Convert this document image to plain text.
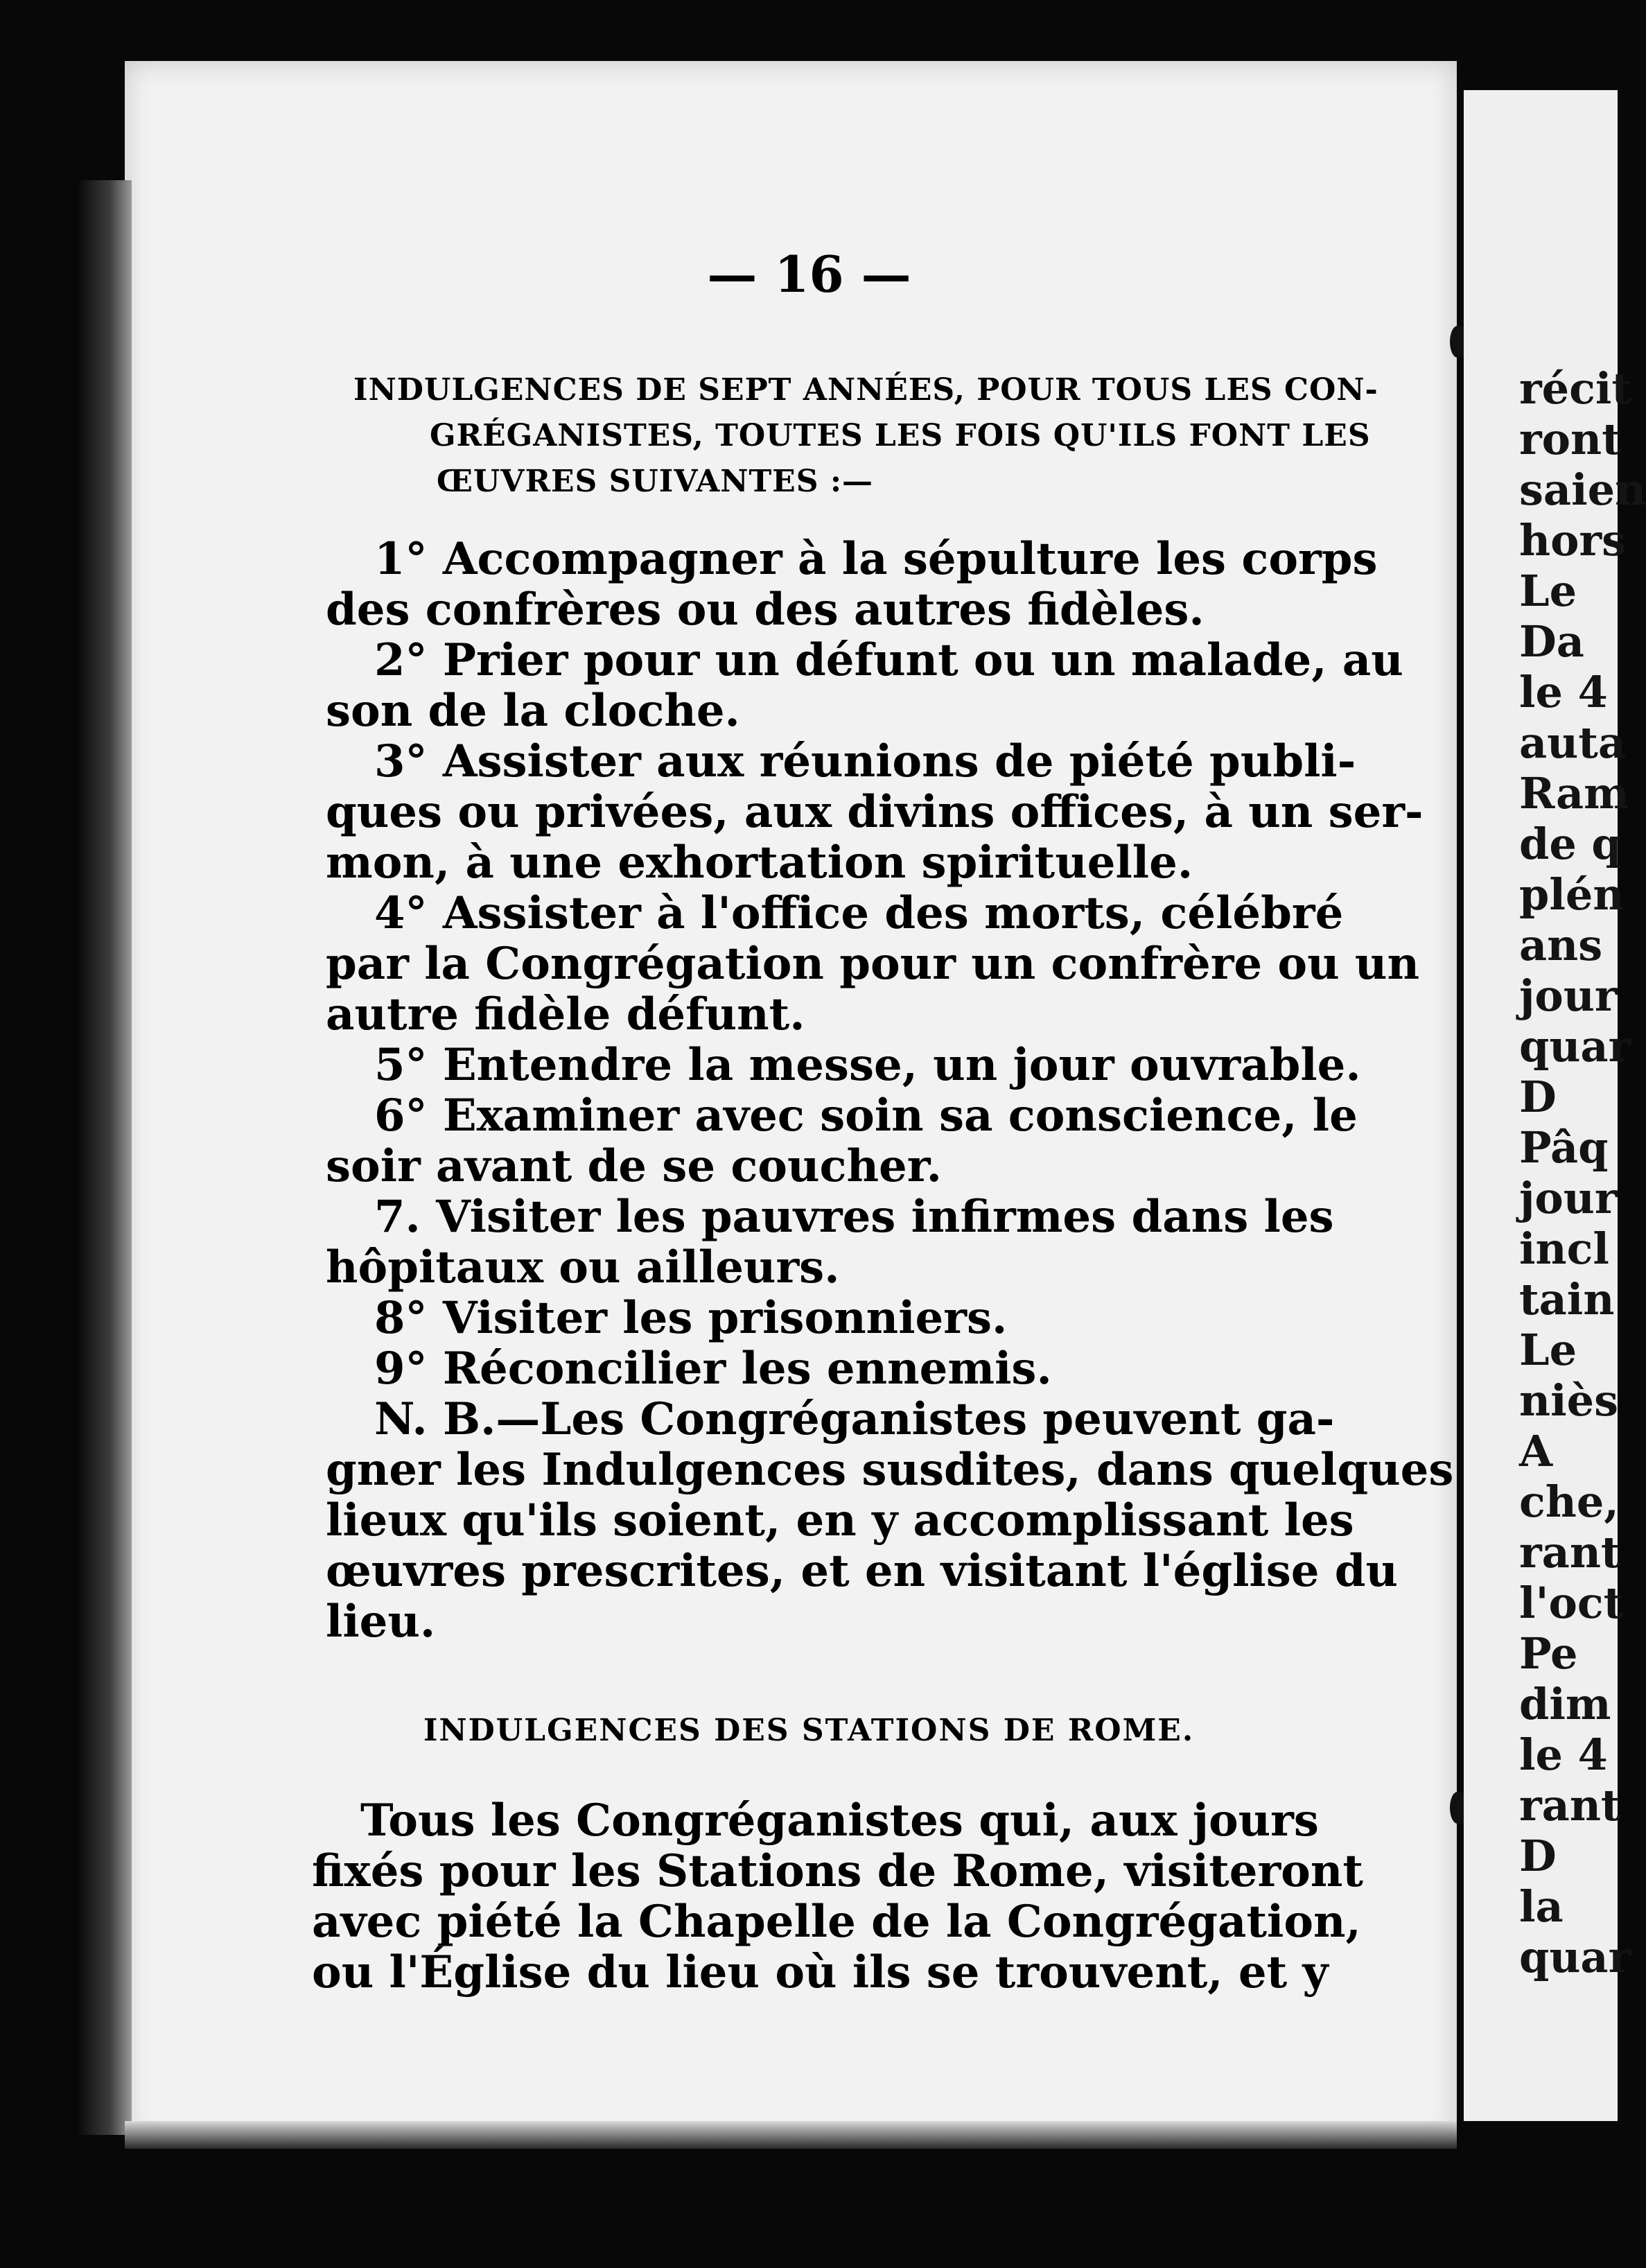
récit
ront
saien
hors
Le
Da
le 4
auta
Ram
de q
plén
ans
jour
quar
D
Pâq
jour
incl
tain
Le
niès
A
che,
rant
l'oct
Pe
dim
le 4
rant
D
la
quar
— 16 —
INDULGENCES DE SEPT ANNÉES, POUR TOUS LES CON-
GRÉGANISTES, TOUTES LES FOIS QU'ILS FONT LES
ŒUVRES SUIVANTES :—
1° Accompagner à la sépulture les corps
des confrères ou des autres fidèles.
2° Prier pour un défunt ou un malade, au
son de la cloche.
3° Assister aux réunions de piété publi-
ques ou privées, aux divins offices, à un ser-
mon, à une exhortation spirituelle.
4° Assister à l'office des morts, célébré
par la Congrégation pour un confrère ou un
autre fidèle défunt.
5° Entendre la messe, un jour ouvrable.
6° Examiner avec soin sa conscience, le
soir avant de se coucher.
7. Visiter les pauvres infirmes dans les
hôpitaux ou ailleurs.
8° Visiter les prisonniers.
9° Réconcilier les ennemis.
N. B.—Les Congréganistes peuvent ga-
gner les Indulgences susdites, dans quelques
lieux qu'ils soient, en y accomplissant les
œuvres prescrites, et en visitant l'église du
lieu.
INDULGENCES DES STATIONS DE ROME.
Tous les Congréganistes qui, aux jours
fixés pour les Stations de Rome, visiteront
avec piété la Chapelle de la Congrégation,
ou l'Église du lieu où ils se trouvent, et y
